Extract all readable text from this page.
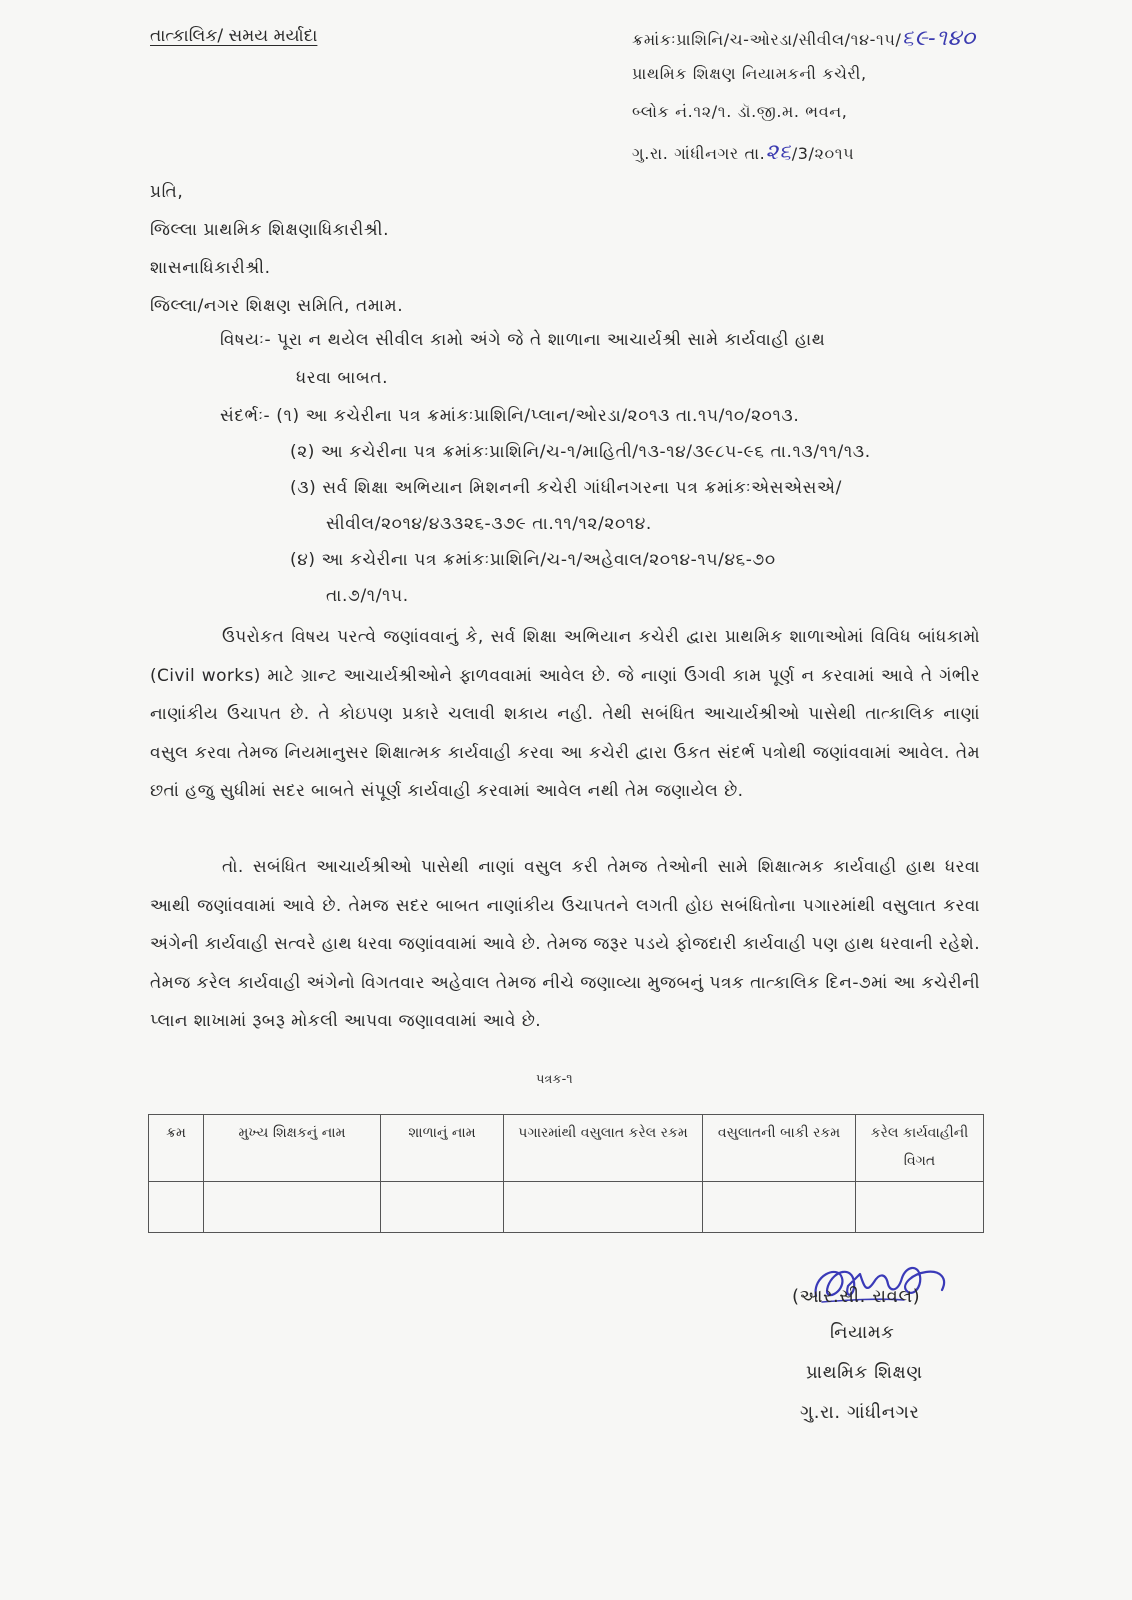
તાત્કાલિક/ સમય મર્યાદા	ક્રમાંકઃપ્રાશિનિ/ચ-ઓરડા/સીવીલ/૧૪-૧૫/૬૯-૧૪૦
પ્રાથમિક શિક્ષણ નિયામકની કચેરી,
બ્લોક નં.૧૨/૧. ડૉ.જી.મ. ભવન,
ગુ.રા. ગાંધીનગર તા.૨૬/3/૨૦૧૫
પ્રતિ,
જિલ્લા પ્રાથમિક શિક્ષણાધિકારીશ્રી.
શાસનાધિકારીશ્રી.
જિલ્લા/નગર શિક્ષણ સમિતિ, તમામ.
વિષયઃ- પૂરા ન થયેલ સીવીલ કામો અંગે જે તે શાળાના આચાર્યશ્રી સામે કાર્યવાહી હાથ
ધરવા બાબત.
સંદર્ભઃ- (૧) આ કચેરીના પત્ર ક્રમાંકઃપ્રાશિનિ/પ્લાન/ઓરડા/૨૦૧૩ તા.૧૫/૧૦/૨૦૧૩.
(૨) આ કચેરીના પત્ર ક્રમાંકઃપ્રાશિનિ/ચ-૧/માહિતી/૧૩-૧૪/૩૯૮૫-૯૬ તા.૧૩/૧૧/૧૩.
(૩) સર્વ શિક્ષા અભિયાન મિશનની કચેરી ગાંધીનગરના પત્ર ક્રમાંકઃએસએસએ/
સીવીલ/૨૦૧૪/૪૩૩૨૬-૩૭૯ તા.૧૧/૧૨/૨૦૧૪.
(૪) આ કચેરીના પત્ર ક્રમાંકઃપ્રાશિનિ/ચ-૧/અહેવાલ/૨૦૧૪-૧૫/૪૬-૭૦
તા.૭/૧/૧૫.
ઉપરોકત વિષય પરત્વે જણાંવવાનું કે, સર્વ શિક્ષા અભિયાન કચેરી દ્વારા પ્રાથમિક શાળાઓમાં વિવિધ બાંધકામો (Civil works) માટે ગ્રાન્ટ આચાર્યશ્રીઓને ફાળવવામાં આવેલ છે. જે નાણાં ઉગવી કામ પૂર્ણ ન કરવામાં આવે તે ગંભીર નાણાંકીય ઉચાપત છે. તે કોઇપણ પ્રકારે ચલાવી શકાય નહી. તેથી સબંધિત આચાર્યશ્રીઓ પાસેથી તાત્કાલિક નાણાં વસુલ કરવા તેમજ નિયમાનુસર શિક્ષાત્મક કાર્યવાહી કરવા આ કચેરી દ્વારા ઉકત સંદર્ભ પત્રોથી જણાંવવામાં આવેલ. તેમ છતાં હજુ સુધીમાં સદર બાબતે સંપૂર્ણ કાર્યવાહી કરવામાં આવેલ નથી તેમ જણાયેલ છે.
તો. સબંધિત આચાર્યશ્રીઓ પાસેથી નાણાં વસુલ કરી તેમજ તેઓની સામે શિક્ષાત્મક કાર્યવાહી હાથ ધરવા આથી જણાંવવામાં આવે છે. તેમજ સદર બાબત નાણાંકીય ઉચાપતને લગતી હોઇ સબંધિતોના પગારમાંથી વસુલાત કરવા અંગેની કાર્યવાહી સત્વરે હાથ ધરવા જણાંવવામાં આવે છે. તેમજ જરૂર પડયે ફોજદારી કાર્યવાહી પણ હાથ ધરવાની રહેશે. તેમજ કરેલ કાર્યવાહી અંગેનો વિગતવાર અહેવાલ તેમજ નીચે જણાવ્યા મુજબનું પત્રક તાત્કાલિક દિન-૭માં આ કચેરીની પ્લાન શાખામાં રૂબરૂ મોકલી આપવા જણાવવામાં આવે છે.
પત્રક-૧
ક્રમ	મુખ્ય શિક્ષકનું નામ	શાળાનું નામ	પગારમાંથી વસુલાત કરેલ રકમ	વસુલાતની બાકી રકમ	કરેલ કાર્યવાહીની વિગત

(આર.સી. રાવલ)
નિયામક
પ્રાથમિક શિક્ષણ
ગુ.રા. ગાંધીનગર
